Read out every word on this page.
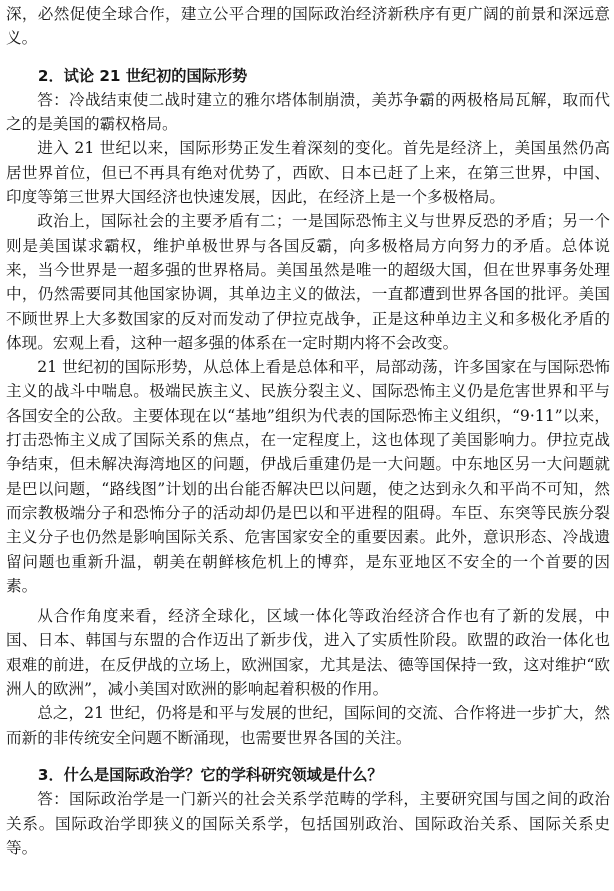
深，必然促使全球合作，建立公平合理的国际政治经济新秩序有更广阔的前景和深远意义。

2．试论 21 世纪初的国际形势

答：冷战结束使二战时建立的雅尔塔体制崩溃，美苏争霸的两极格局瓦解，取而代之的是美国的霸权格局。

进入 21 世纪以来，国际形势正发生着深刻的变化。首先是经济上，美国虽然仍高居世界首位，但已不再具有绝对优势了，西欧、日本已赶了上来，在第三世界，中国、印度等第三世界大国经济也快速发展，因此，在经济上是一个多极格局。

政治上，国际社会的主要矛盾有二；一是国际恐怖主义与世界反恐的矛盾；另一个则是美国谋求霸权，维护单极世界与各国反霸，向多极格局方向努力的矛盾。总体说来，当今世界是一超多强的世界格局。美国虽然是唯一的超级大国，但在世界事务处理中，仍然需要同其他国家协调，其单边主义的做法，一直都遭到世界各国的批评。美国不顾世界上大多数国家的反对而发动了伊拉克战争，正是这种单边主义和多极化矛盾的体现。宏观上看，这种一超多强的体系在一定时期内将不会改变。

21 世纪初的国际形势，从总体上看是总体和平，局部动荡，许多国家在与国际恐怖主义的战斗中喘息。极端民族主义、民族分裂主义、国际恐怖主义仍是危害世界和平与各国安全的公敌。主要体现在以“基地”组织为代表的国际恐怖主义组织，“9·11”以来，打击恐怖主义成了国际关系的焦点，在一定程度上，这也体现了美国影响力。伊拉克战争结束，但未解决海湾地区的问题，伊战后重建仍是一大问题。中东地区另一大问题就是巴以问题，“路线图”计划的出台能否解决巴以问题，使之达到永久和平尚不可知，然而宗教极端分子和恐怖分子的活动却仍是巴以和平进程的阻碍。车臣、东突等民族分裂主义分子也仍然是影响国际关系、危害国家安全的重要因素。此外，意识形态、冷战遗留问题也重新升温，朝美在朝鲜核危机上的博弈，是东亚地区不安全的一个首要的因素。

从合作角度来看，经济全球化，区域一体化等政治经济合作也有了新的发展，中国、日本、韩国与东盟的合作迈出了新步伐，进入了实质性阶段。欧盟的政治一体化也艰难的前进，在反伊战的立场上，欧洲国家，尤其是法、德等国保持一致，这对维护“欧洲人的欧洲”，减小美国对欧洲的影响起着积极的作用。

总之，21 世纪，仍将是和平与发展的世纪，国际间的交流、合作将进一步扩大，然而新的非传统安全问题不断涌现，也需要世界各国的关注。

3．什么是国际政治学？它的学科研究领域是什么？

答：国际政治学是一门新兴的社会关系学范畴的学科，主要研究国与国之间的政治关系。国际政治学即狭义的国际关系学，包括国别政治、国际政治关系、国际关系史等。
